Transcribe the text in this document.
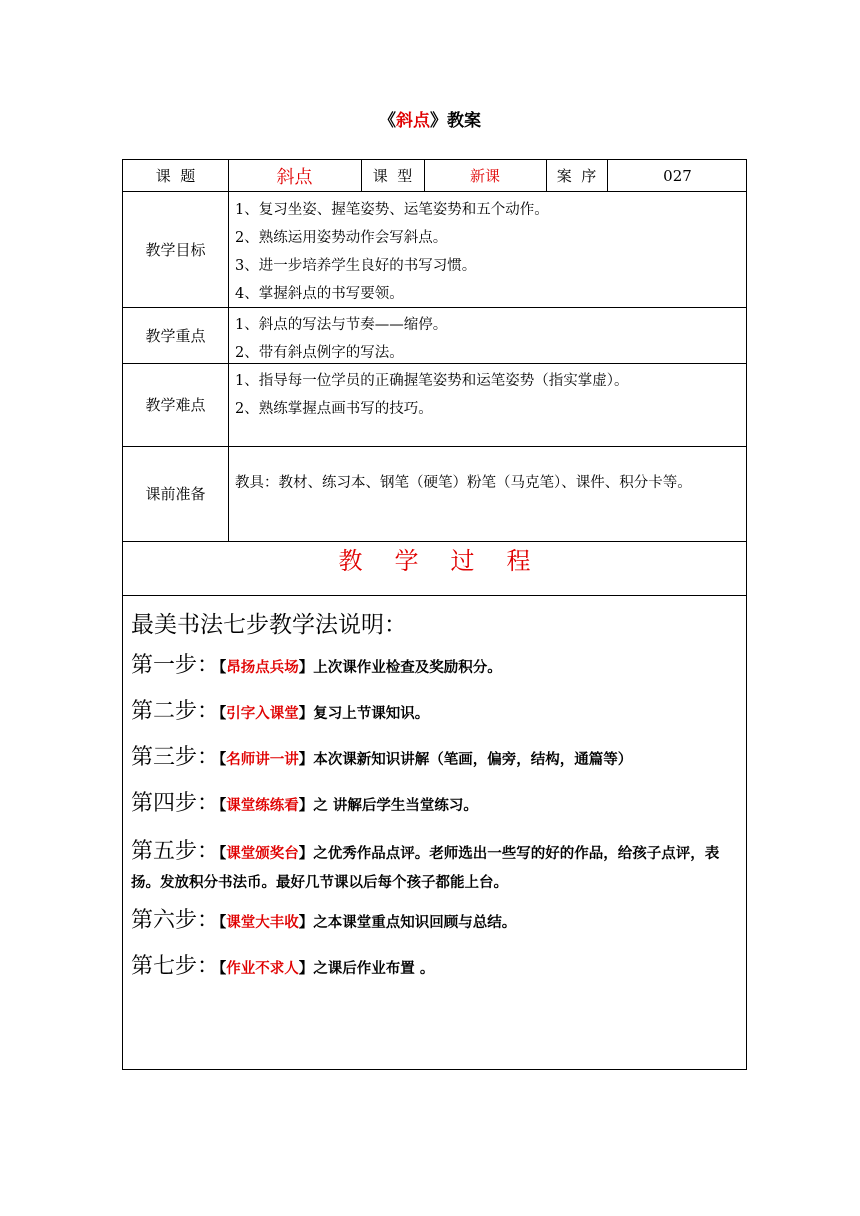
《斜点》教案
课  题	斜点	课  型	新课	案  序	027
教学目标

1、复习坐姿、握笔姿势、运笔姿势和五个动作。

2、熟练运用姿势动作会写斜点。

3、进一步培养学生良好的书写习惯。

4、掌握斜点的书写要领。

教学重点

1、斜点的写法与节奏——缩停。

2、带有斜点例字的写法。

教学难点

1、指导每一位学员的正确握笔姿势和运笔姿势（指实掌虚）。

2、熟练掌握点画书写的技巧。

课前准备

教具：教材、练习本、钢笔（硬笔）粉笔（马克笔）、课件、积分卡等。

教 学 过 程

最美书法七步教学法说明：

第一步：【昂扬点兵场】上次课作业检查及奖励积分。

第二步：【引字入课堂】复习上节课知识。

第三步：【名师讲一讲】本次课新知识讲解（笔画，偏旁，结构，通篇等）

第四步：【课堂练练看】之 讲解后学生当堂练习。

第五步：【课堂颁奖台】之优秀作品点评。老师选出一些写的好的作品，给孩子点评，表扬。发放积分书法币。最好几节课以后每个孩子都能上台。

第六步：【课堂大丰收】之本课堂重点知识回顾与总结。

第七步：【作业不求人】之课后作业布置 。
